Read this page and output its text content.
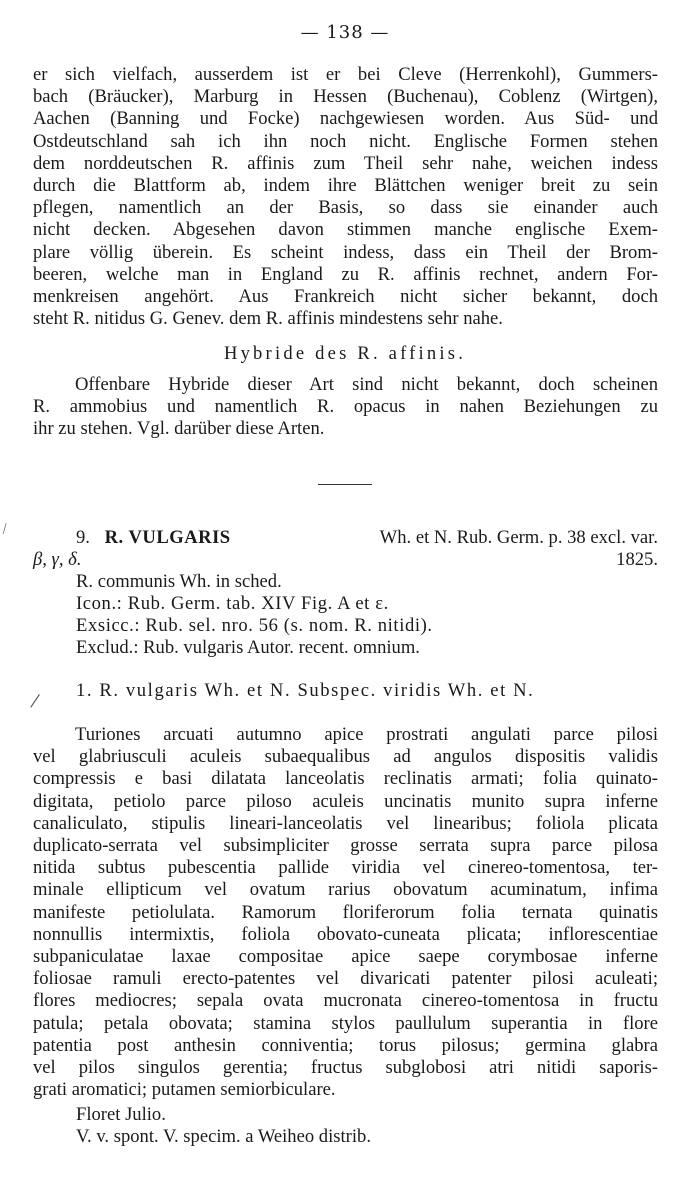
— 138 —
er sich vielfach, ausserdem ist er bei Cleve (Herrenkohl), Gummers-
bach (Bräucker), Marburg in Hessen (Buchenau), Coblenz (Wirtgen),
Aachen (Banning und Focke) nachgewiesen worden. Aus Süd- und
Ostdeutschland sah ich ihn noch nicht. Englische Formen stehen
dem norddeutschen R. affinis zum Theil sehr nahe, weichen indess
durch die Blattform ab, indem ihre Blättchen weniger breit zu sein
pflegen, namentlich an der Basis, so dass sie einander auch
nicht decken. Abgesehen davon stimmen manche englische Exem-
plare völlig überein. Es scheint indess, dass ein Theil der Brom-
beeren, welche man in England zu R. affinis rechnet, andern For-
menkreisen angehört. Aus Frankreich nicht sicher bekannt, doch
steht R. nitidus G. Genev. dem R. affinis mindestens sehr nahe.
Hybride des R. affinis.
Offenbare Hybride dieser Art sind nicht bekannt, doch scheinen
R. ammobius und namentlich R. opacus in nahen Beziehungen zu
ihr zu stehen. Vgl. darüber diese Arten.
⁄	9. R. VULGARIS	Wh. et N. Rub. Germ. p. 38 excl. var.
β, γ, δ.	1825.
R. communis Wh. in sched.
Icon.: Rub. Germ. tab. XIV Fig. A et ε.
Exsicc.: Rub. sel. nro. 56 (s. nom. R. nitidi).
Exclud.: Rub. vulgaris Autor. recent. omnium.
/ 1. R. vulgaris Wh. et N. Subspec. viridis Wh. et N.
Turiones arcuati autumno apice prostrati angulati parce pilosi
vel glabriusculi aculeis subaequalibus ad angulos dispositis validis
compressis e basi dilatata lanceolatis reclinatis armati; folia quinato-
digitata, petiolo parce piloso aculeis uncinatis munito supra inferne
canaliculato, stipulis lineari-lanceolatis vel linearibus; foliola plicata
duplicato-serrata vel subsimpliciter grosse serrata supra parce pilosa
nitida subtus pubescentia pallide viridia vel cinereo-tomentosa, ter-
minale ellipticum vel ovatum rarius obovatum acuminatum, infima
manifeste petiolulata. Ramorum floriferorum folia ternata quinatis
nonnullis intermixtis, foliola obovato-cuneata plicata; inflorescentiae
subpaniculatae laxae compositae apice saepe corymbosae inferne
foliosae ramuli erecto-patentes vel divaricati patenter pilosi aculeati;
flores mediocres; sepala ovata mucronata cinereo-tomentosa in fructu
patula; petala obovata; stamina stylos paullulum superantia in flore
patentia post anthesin conniventia; torus pilosus; germina glabra
vel pilos singulos gerentia; fructus subglobosi atri nitidi saporis-
grati aromatici; putamen semiorbiculare.
Floret Julio.
V. v. spont. V. specim. a Weiheo distrib.
